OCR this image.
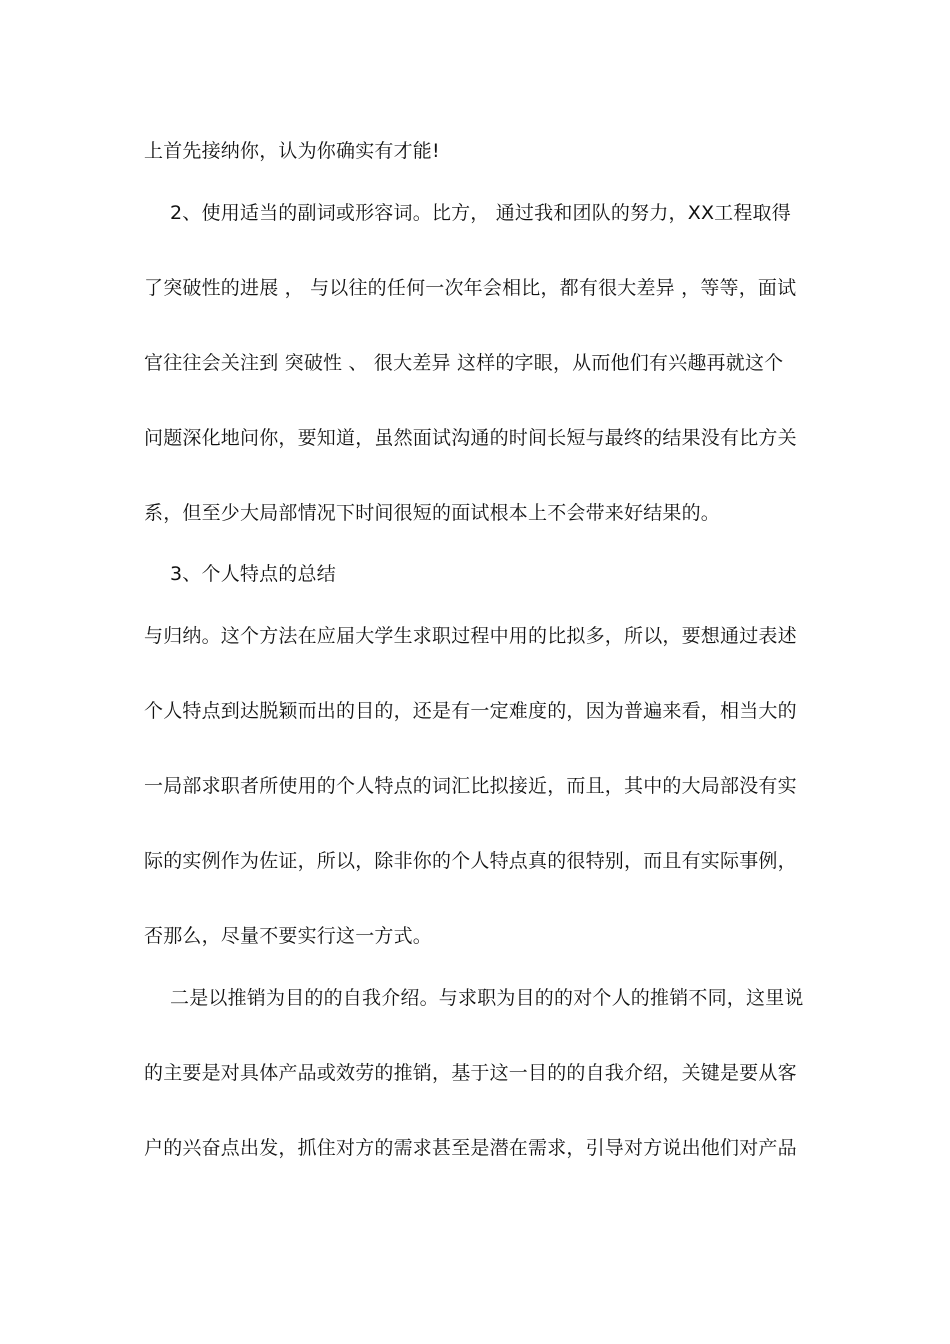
上首先接纳你，认为你确实有才能!
2、使用适当的副词或形容词。比方， 通过我和团队的努力，XX工程取得
了突破性的进展 ， 与以往的任何一次年会相比，都有很大差异 ，等等，面试
官往往会关注到 突破性 、 很大差异 这样的字眼，从而他们有兴趣再就这个
问题深化地问你，要知道，虽然面试沟通的时间长短与最终的结果没有比方关
系，但至少大局部情况下时间很短的面试根本上不会带来好结果的。
3、个人特点的总结
与归纳。这个方法在应届大学生求职过程中用的比拟多，所以，要想通过表述
个人特点到达脱颖而出的目的，还是有一定难度的，因为普遍来看，相当大的
一局部求职者所使用的个人特点的词汇比拟接近，而且，其中的大局部没有实
际的实例作为佐证，所以，除非你的个人特点真的很特别，而且有实际事例，
否那么，尽量不要实行这一方式。
二是以推销为目的的自我介绍。与求职为目的的对个人的推销不同，这里说
的主要是对具体产品或效劳的推销，基于这一目的的自我介绍，关键是要从客
户的兴奋点出发，抓住对方的需求甚至是潜在需求，引导对方说出他们对产品
